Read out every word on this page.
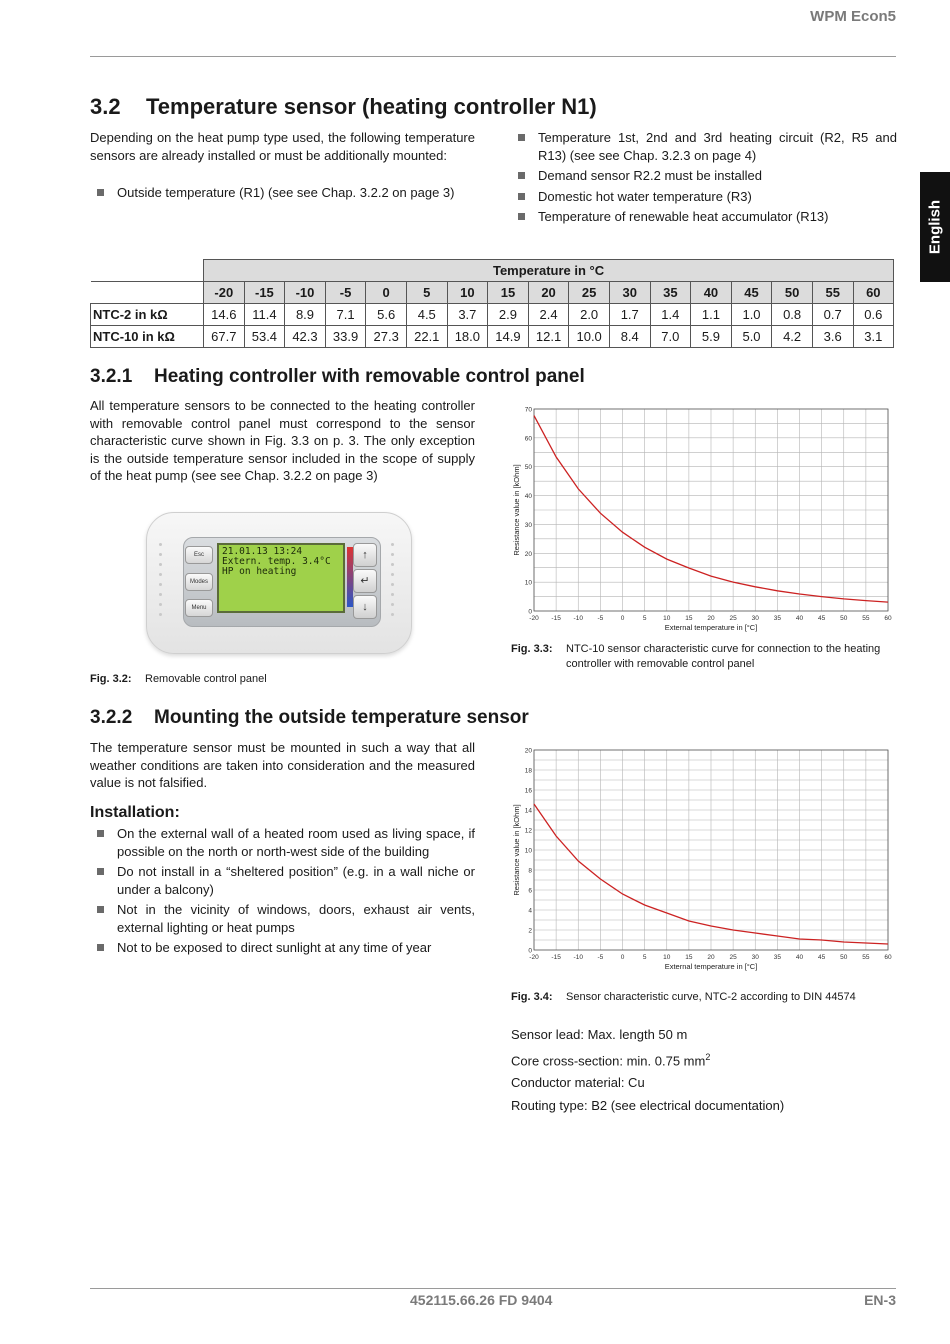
WPM Econ5
English
3.2 Temperature sensor (heating controller N1)

Depending on the heat pump type used, the following temperature sensors are already installed or must be additionally mounted:

Outside temperature (R1) (see see Chap. 3.2.2 on page 3)
Temperature 1st, 2nd and 3rd heating circuit (R2, R5 and R13) (see see Chap. 3.2.3 on page 4)
Demand sensor R2.2 must be installed
Domestic hot water temperature (R3)
Temperature of renewable heat accumulator (R13)
	Temperature in °C																
	-20	-15	-10	-5	0	5	10	15	20	25	30	35	40	45	50	55	60
NTC-2 in kΩ	14.6	11.4	8.9	7.1	5.6	4.5	3.7	2.9	2.4	2.0	1.7	1.4	1.1	1.0	0.8	0.7	0.6
NTC-10 in kΩ	67.7	53.4	42.3	33.9	27.3	22.1	18.0	14.9	12.1	10.0	8.4	7.0	5.9	5.0	4.2	3.6	3.1
3.2.1 Heating controller with removable control panel

All temperature sensors to be connected to the heating controller with removable control panel must correspond to the sensor characteristic curve shown in Fig. 3.3 on p. 3. The only exception is the outside temperature sensor included in the scope of supply of the heat pump (see see Chap. 3.2.2 on page 3)

Esc
Modes
Menu
21.01.13 13:24
Extern. temp. 3.4°C
HP on heating
↑
↵
↓
Fig. 3.2: Removable control panel
-20 -15 -10 -5	0	5	10 15 20 25 30 35 40 45 50 55 60
0
10
20
30
40
50
60
70
External temperature in [°C]
Resistance value in [kOhm]
Fig. 3.3: NTC-10 sensor characteristic curve for connection to the heating controller with removable control panel
3.2.2 Mounting the outside temperature sensor

The temperature sensor must be mounted in such a way that all weather conditions are taken into consideration and the measured value is not falsified.

Installation:
On the external wall of a heated room used as living space, if possible on the north or north-west side of the building
Do not install in a “sheltered position” (e.g. in a wall niche or under a balcony)
Not in the vicinity of windows, doors, exhaust air vents, external lighting or heat pumps
Not to be exposed to direct sunlight at any time of year
-20 -15 -10 -5	0	5	10 15 20 25 30 35 40 45 50 55 60
0
2
4
6
8
10
12
14
16
18
20
External temperature in [°C]
Resistance value in [kOhm]
Fig. 3.4: Sensor characteristic curve, NTC-2 according to DIN 44574
Sensor lead: Max. length 50 m
Core cross-section: min. 0.75 $mm^2$
Conductor material: Cu
Routing type: B2 (see electrical documentation)
452115.66.26 FD 9404	EN-3
